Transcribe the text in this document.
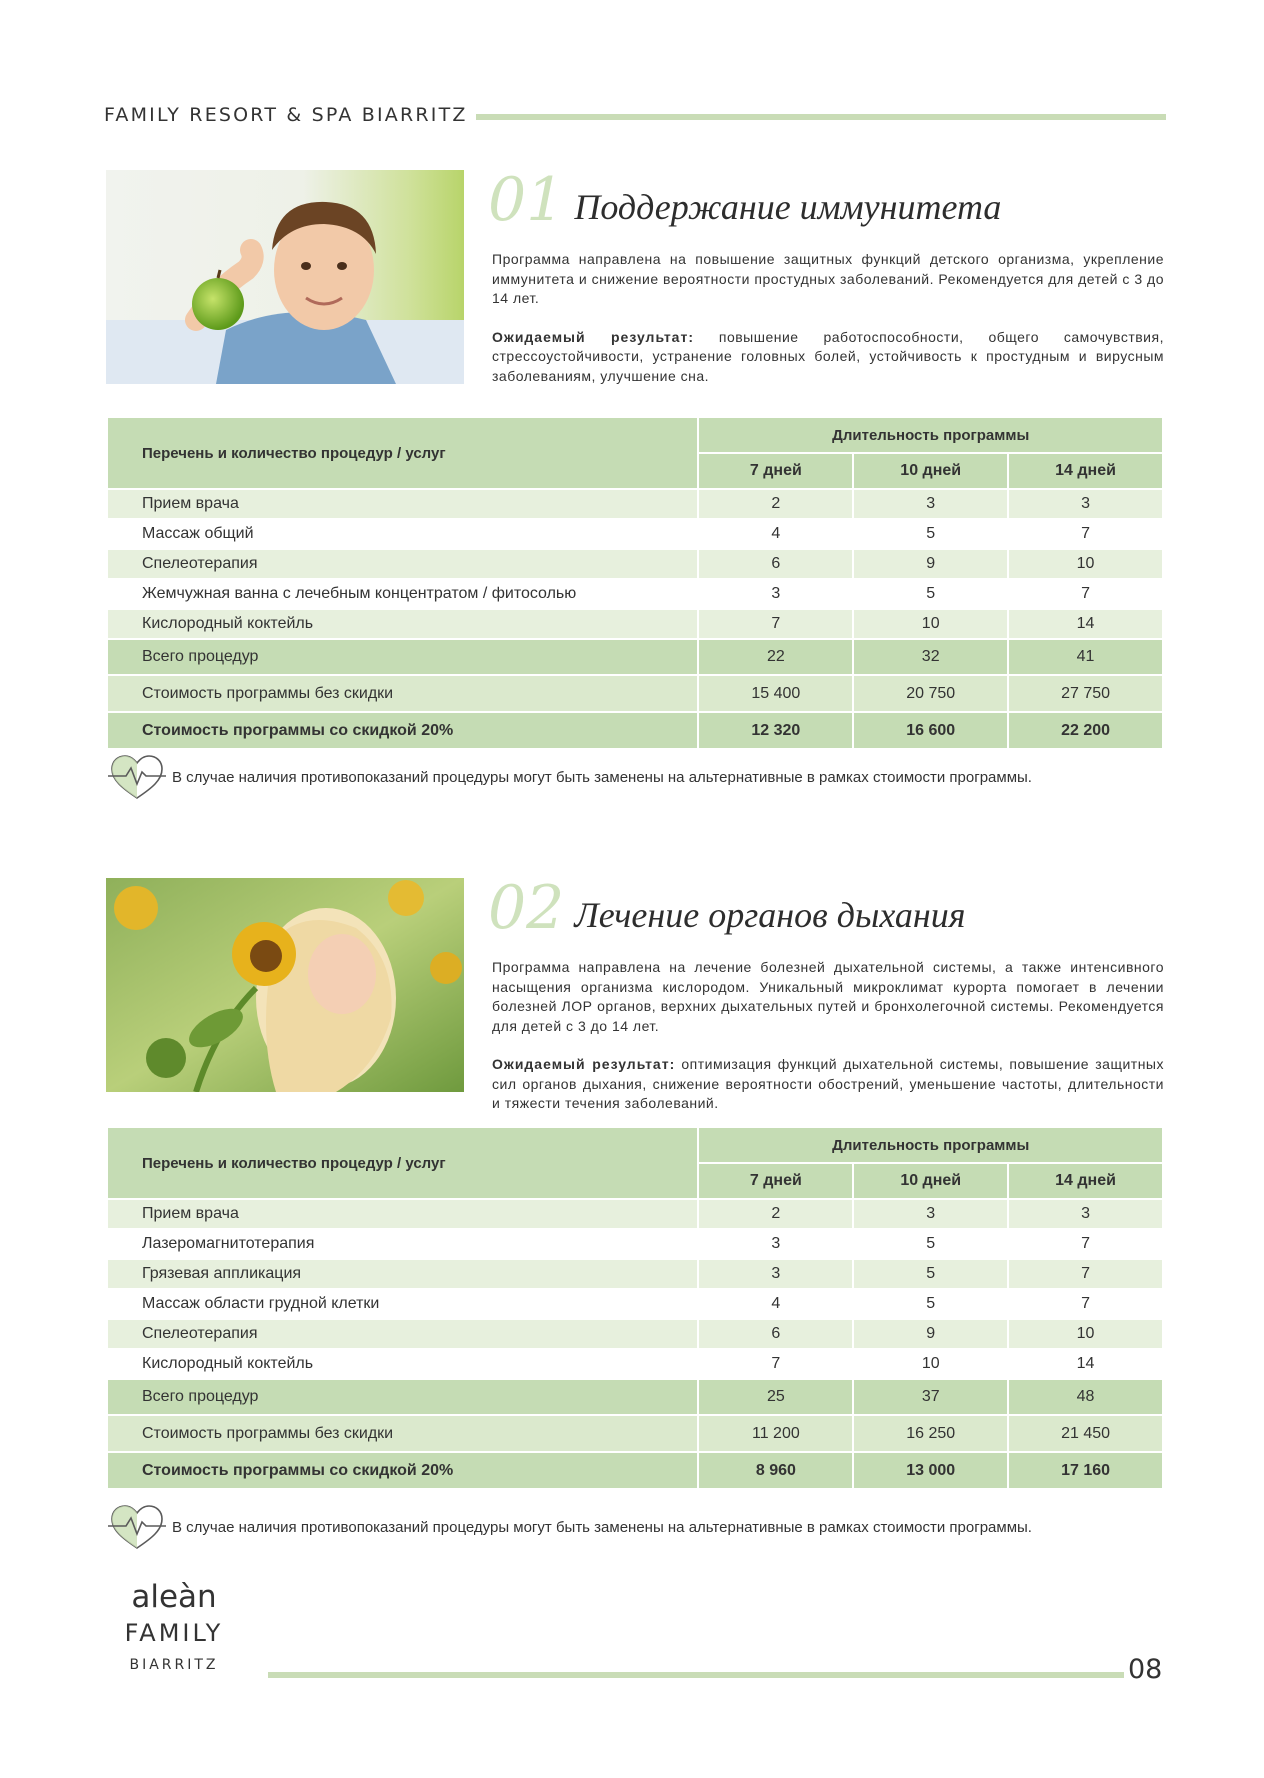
FAMILY RESORT & SPA BIARRITZ
01 Поддержание иммунитета

Программа направлена на повышение защитных функций детского организма, укрепление иммунитета и снижение вероятности простудных заболеваний. Рекомендуется для детей с 3 до 14 лет.

Ожидаемый результат: повышение работоспособности, общего самочувствия, стрессоустойчивости, устранение головных болей, устойчивость к простудным и вирусным заболеваниям, улучшение сна.

Перечень и количество процедур / услуг	Длительность программы		
	7 дней	10 дней	14 дней
Прием врача	2	3	3
Массаж общий	4	5	7
Спелеотерапия	6	9	10
Жемчужная ванна с лечебным концентратом / фитосолью	3	5	7
Кислородный коктейль	7	10	14
Всего процедур	22	32	41
Стоимость программы без скидки	15 400	20 750	27 750
Стоимость программы со скидкой 20%	12 320	16 600	22 200
В случае наличия противопоказаний процедуры могут быть заменены на альтернативные в рамках стоимости программы.
02 Лечение органов дыхания

Программа направлена на лечение болезней дыхательной системы, а также интенсивного насыщения организма кислородом. Уникальный микроклимат курорта помогает в лечении болезней ЛОР органов, верхних дыхательных путей и бронхолегочной системы. Рекомендуется для детей с 3 до 14 лет.

Ожидаемый результат: оптимизация функций дыхательной системы, повышение защитных сил органов дыхания, снижение вероятности обострений, уменьшение частоты, длительности и тяжести течения заболеваний.

Перечень и количество процедур / услуг	Длительность программы		
	7 дней	10 дней	14 дней
Прием врача	2	3	3
Лазеромагнитотерапия	3	5	7
Грязевая аппликация	3	5	7
Массаж области грудной клетки	4	5	7
Спелеотерапия	6	9	10
Кислородный коктейль	7	10	14
Всего процедур	25	37	48
Стоимость программы без скидки	11 200	16 250	21 450
Стоимость программы со скидкой 20%	8 960	13 000	17 160
В случае наличия противопоказаний процедуры могут быть заменены на альтернативные в рамках стоимости программы.
aleàn
FAMILY
BIARRITZ	08
